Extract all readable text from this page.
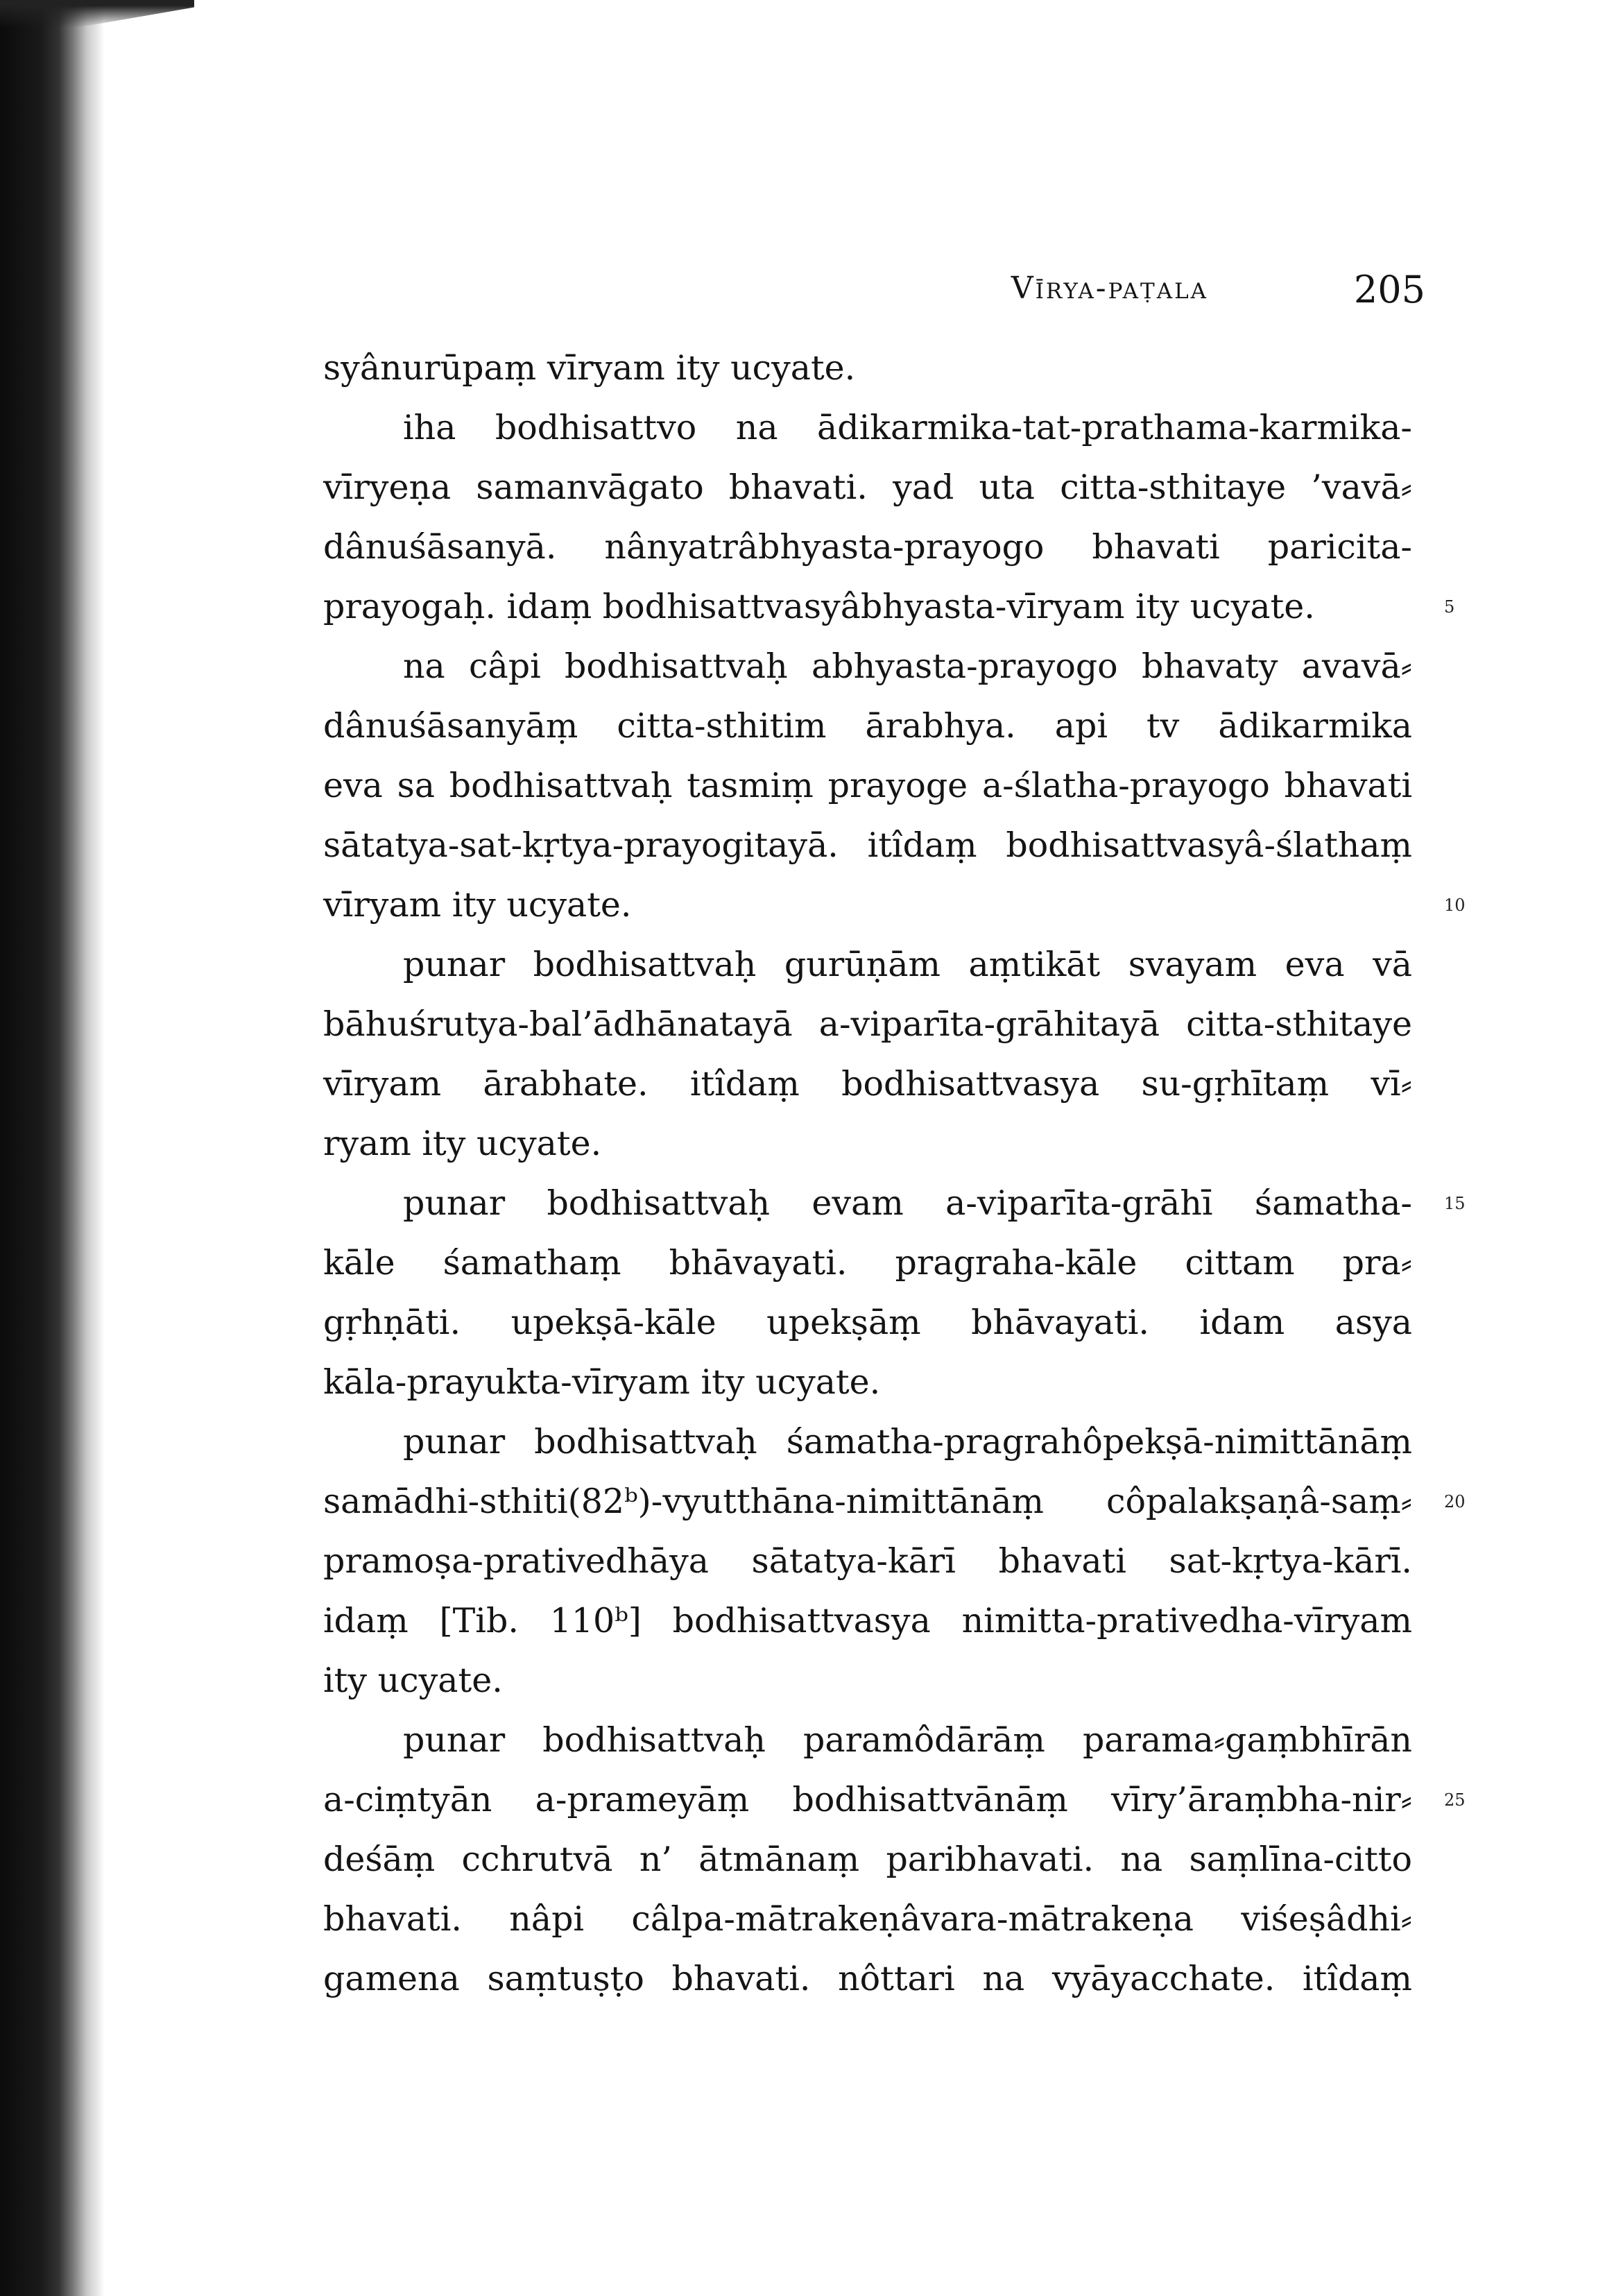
Vīrya-paṭala	205
syânurūpaṃ vīryam ity ucyate.
iha bodhisattvo na ādikarmika-tat-prathama-karmika-
vīryeṇa samanvāgato bhavati. yad uta citta-sthitaye ’vavā⸗
dânuśāsanyā. nânyatrâbhyasta-prayogo bhavati paricita-
prayogaḥ. idaṃ bodhisattvasyâbhyasta-vīryam ity ucyate.	5
na câpi bodhisattvaḥ abhyasta-prayogo bhavaty avavā⸗
dânuśāsanyāṃ citta-sthitim ārabhya. api tv ādikarmika
eva sa bodhisattvaḥ tasmiṃ prayoge a-ślatha-prayogo bhavati
sātatya-sat-kṛtya-prayogitayā. itîdaṃ bodhisattvasyâ-ślathaṃ
vīryam ity ucyate.	10
punar bodhisattvaḥ gurūṇām aṃtikāt svayam eva vā
bāhuśrutya-bal’ādhānatayā a-viparīta-grāhitayā citta-sthitaye
vīryam ārabhate. itîdaṃ bodhisattvasya su-gṛhītaṃ vī⸗
ryam ity ucyate.
punar bodhisattvaḥ evam a-viparīta-grāhī śamatha- 15
kāle śamathaṃ bhāvayati. pragraha-kāle cittam pra⸗
gṛhṇāti. upekṣā-kāle upekṣāṃ bhāvayati. idam asya
kāla-prayukta-vīryam ity ucyate.
punar bodhisattvaḥ śamatha-pragrahôpekṣā-nimittānāṃ
samādhi-sthiti(82ᵇ)-vyutthāna-nimittānāṃ côpalakṣaṇâ-saṃ⸗ 20
pramoṣa-prativedhāya sātatya-kārī bhavati sat-kṛtya-kārī.
idaṃ [Tib. 110ᵇ] bodhisattvasya nimitta-prativedha-vīryam
ity ucyate.
punar bodhisattvaḥ paramôdārāṃ parama⸗gaṃbhīrān
a-ciṃtyān a-prameyāṃ bodhisattvānāṃ vīry’āraṃbha-nir⸗ 25
deśāṃ cchrutvā n’ ātmānaṃ paribhavati. na saṃlīna-citto
bhavati. nâpi câlpa-mātrakeṇâvara-mātrakeṇa viśeṣâdhi⸗
gamena saṃtuṣṭo bhavati. nôttari na vyāyacchate. itîdaṃ
